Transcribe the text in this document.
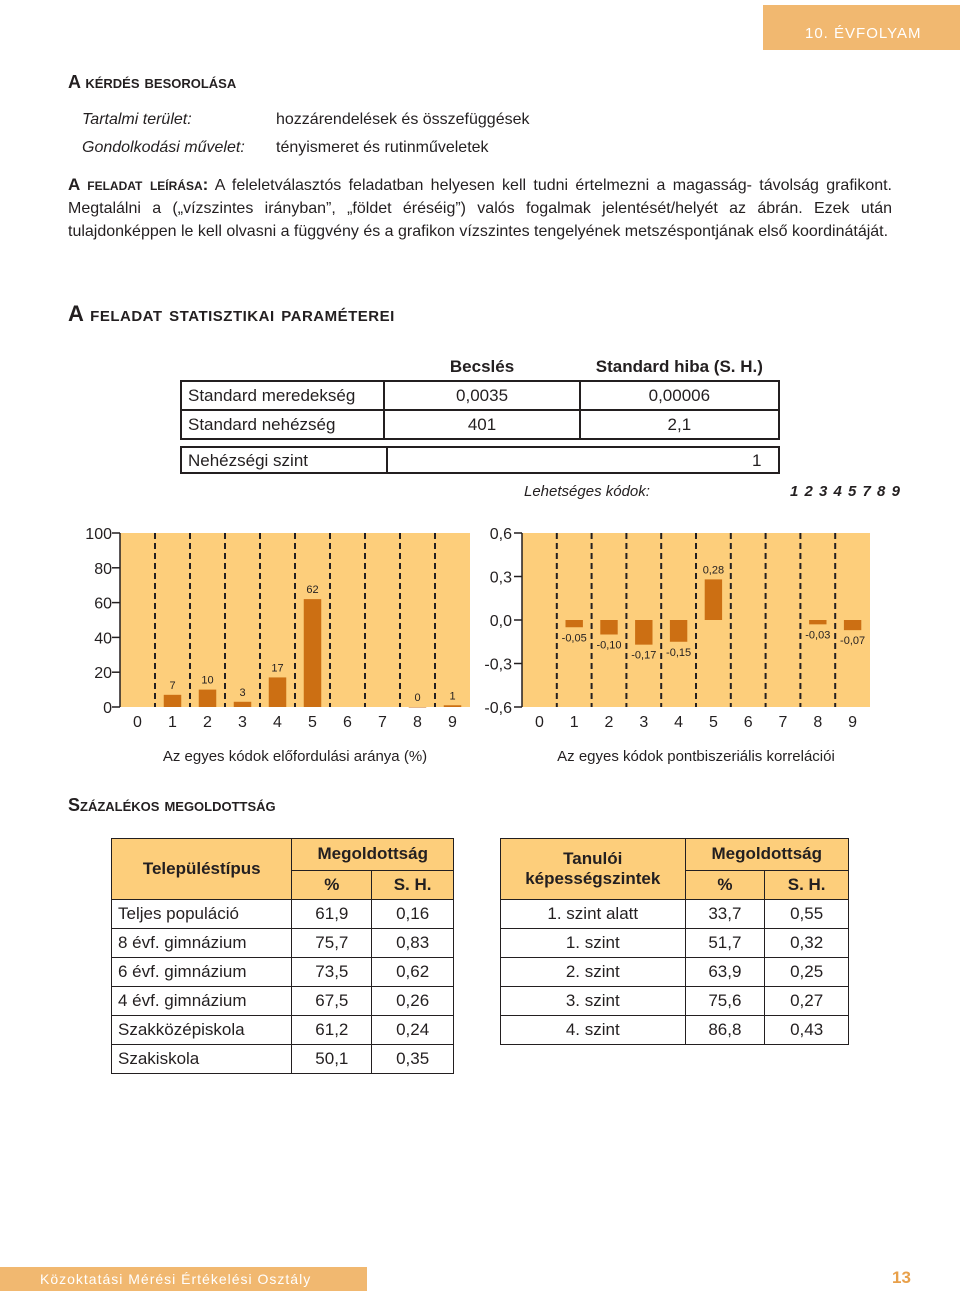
10. ÉVFOLYAM
A kérdés besorolása
Tartalmi terület:	hozzárendelések és összefüggések
Gondolkodási művelet: tényismeret és rutinműveletek
A feladat leírása: A feleletválasztós feladatban helyesen kell tudni értelmezni a magasság- távolság grafikont. Megtalálni a („vízszintes irányban”, „földet éréséig”) valós fogalmak jelentését/helyét az ábrán. Ezek után tulajdonképpen le kell olvasni a függvény és a grafikon vízszintes tengelyének metszéspontjának első koordinátáját.
A feladat statisztikai paraméterei
	Becslés	Standard hiba (S. H.)
Standard meredekség	0,0035	0,00006
Standard nehézség	401	2,1
Nehézségi szint	1
Lehetséges kódok:	1 2 3 4 5 7 8 9
0
20
40
60
80
100
7 10
3
17
62
0	1
0 1 2 3 4 5 6 7 8 9
Az egyes kódok előfordulási aránya (%)
-0,6
-0,3
0,0
0,3
0,6
-0,05
-0,10
-0,17 -0,15
0,28
-0,03 -0,07
0 1 2 3 4 5 6 7 8 9
Az egyes kódok pontbiszeriális korrelációi
Százalékos megoldottság
Településtípus	Megoldottság	
	%	S. H.
Teljes populáció	61,9	0,16
8 évf. gimnázium	75,7	0,83
6 évf. gimnázium	73,5	0,62
4 évf. gimnázium	67,5	0,26
Szakközépiskola	61,2	0,24
Szakiskola	50,1	0,35
Tanulói
képességszintek	Megoldottság	
	%	S. H.
1. szint alatt	33,7	0,55
1. szint	51,7	0,32
2. szint	63,9	0,25
3. szint	75,6	0,27
4. szint	86,8	0,43
Közoktatási Mérési Értékelési Osztály	13
